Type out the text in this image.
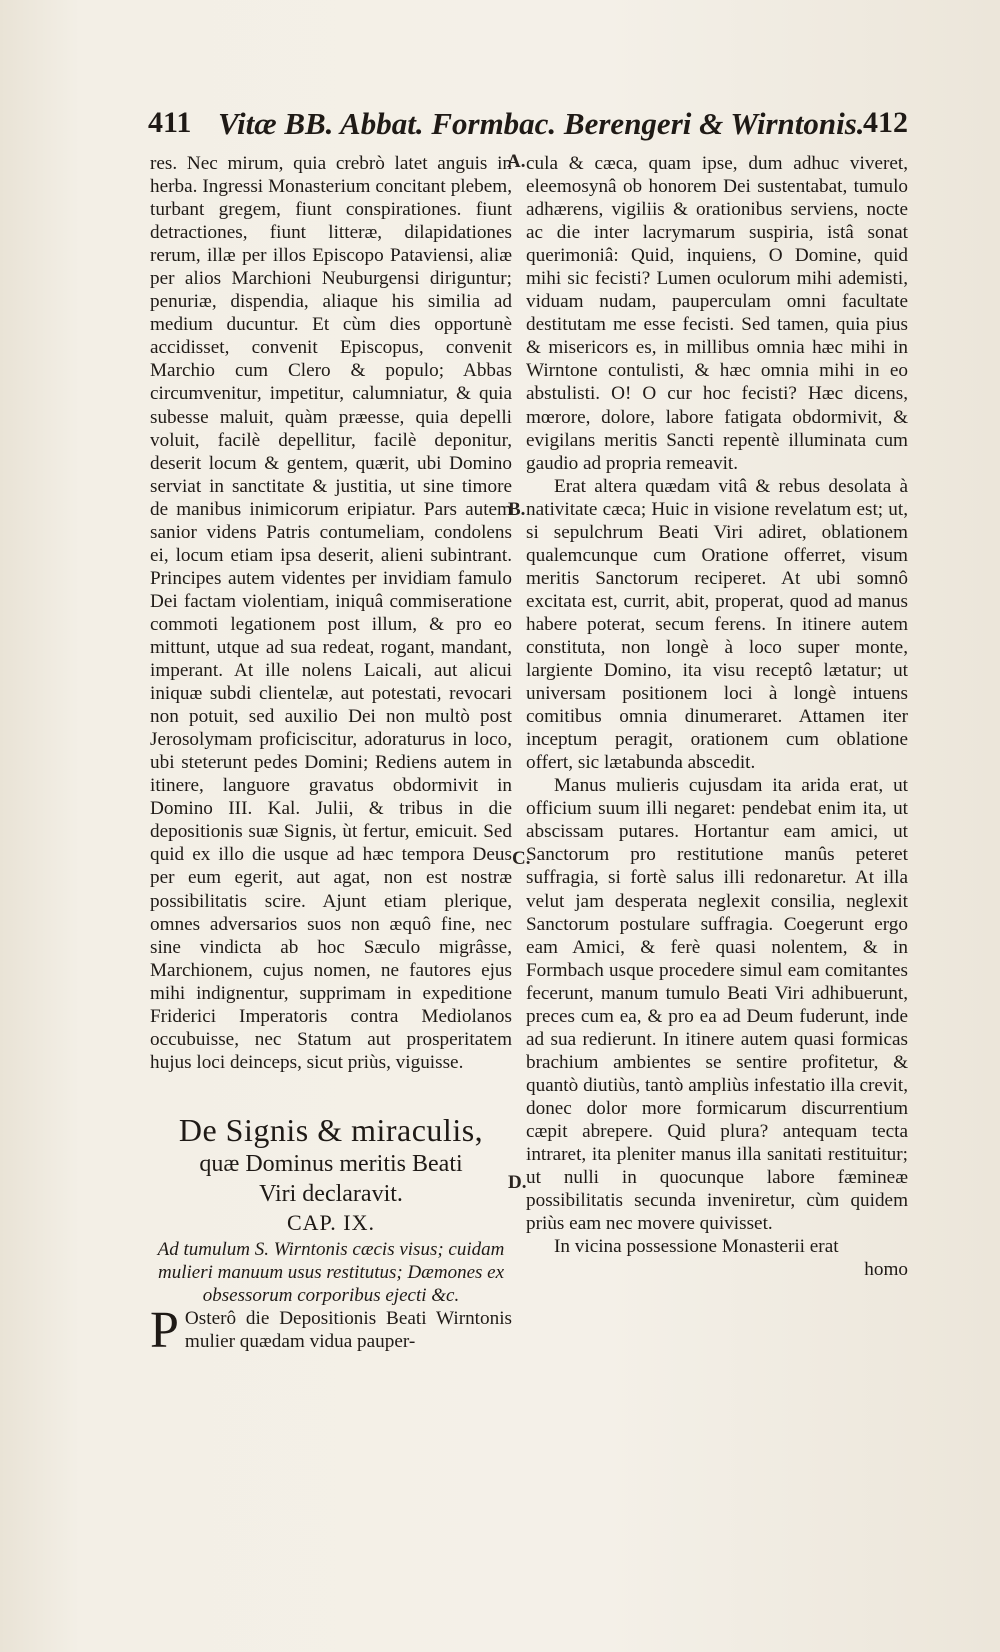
411 Vitæ BB. Abbat. Formbac. Berengeri & Wirntonis.
412
A.
B.
C.
D.

res. Nec mirum, quia crebrò latet anguis in herba. Ingressi Monasterium concitant plebem, turbant gregem, fiunt conspirationes. fiunt detractiones, fiunt litteræ, dilapidationes rerum, illæ per illos Episcopo Pataviensi, aliæ per alios Marchioni Neuburgensi diriguntur; penuriæ, dispendia, aliaque his similia ad medium ducuntur. Et cùm dies opportunè accidisset, convenit Episcopus, convenit Marchio cum Clero & populo; Abbas circumvenitur, impetitur, calumniatur, & quia subesse maluit, quàm præesse, quia depelli voluit, facilè depellitur, facilè deponitur, deserit locum & gentem, quærit, ubi Domino serviat in sanctitate & justitia, ut sine timore de manibus inimicorum eripiatur. Pars autem sanior videns Patris contumeliam, condolens ei, locum etiam ipsa deserit, alieni subintrant. Principes autem videntes per invidiam famulo Dei factam violentiam, iniquâ commiseratione commoti legationem post illum, & pro eo mittunt, utque ad sua redeat, rogant, mandant, imperant. At ille nolens Laicali, aut alicui iniquæ subdi clientelæ, aut potestati, revocari non potuit, sed auxilio Dei non multò post Jerosolymam proficiscitur, adoraturus in loco, ubi steterunt pedes Domini; Rediens autem in itinere, languore gravatus obdormivit in Domino III. Kal. Julii, & tribus in die depositionis suæ Signis, ùt fertur, emicuit. Sed quid ex illo die usque ad hæc tempora Deus per eum egerit, aut agat, non est nostræ possibilitatis scire. Ajunt etiam plerique, omnes adversarios suos non æquô fine, nec sine vindicta ab hoc Sæculo migrâsse, Marchionem, cujus nomen, ne fautores ejus mihi indignentur, supprimam in expeditione Friderici Imperatoris contra Mediolanos occubuisse, nec Statum aut prosperitatem hujus loci deinceps, sicut priùs, viguisse.

De Signis & miraculis,
quæ Dominus meritis Beati
Viri declaravit.
CAP. IX.
Ad tumulum S. Wirntonis cæcis visus; cuidam mulieri manuum usus restitutus; Dæmones ex obsessorum corporibus ejecti &c.

P Osterô die Depositionis Beati Wirntonis mulier quædam vidua pauper-

cula & cæca, quam ipse, dum adhuc viveret, eleemosynâ ob honorem Dei sustentabat, tumulo adhærens, vigiliis & orationibus serviens, nocte ac die inter lacrymarum suspiria, istâ sonat querimoniâ: Quid, inquiens, O Domine, quid mihi sic fecisti? Lumen oculorum mihi ademisti, viduam nudam, pauperculam omni facultate destitutam me esse fecisti. Sed tamen, quia pius & misericors es, in millibus omnia hæc mihi in Wirntone contulisti, & hæc omnia mihi in eo abstulisti. O! O cur hoc fecisti? Hæc dicens, mœrore, dolore, labore fatigata obdormivit, & evigilans meritis Sancti repentè illuminata cum gaudio ad propria remeavit.

Erat altera quædam vitâ & rebus desolata à nativitate cæca; Huic in visione revelatum est; ut, si sepulchrum Beati Viri adiret, oblationem qualemcunque cum Oratione offerret, visum meritis Sanctorum reciperet. At ubi somnô excitata est, currit, abit, properat, quod ad manus habere poterat, secum ferens. In itinere autem constituta, non longè à loco super monte, largiente Domino, ita visu receptô lætatur; ut universam positionem loci à longè intuens comitibus omnia dinumeraret. Attamen iter inceptum peragit, orationem cum oblatione offert, sic lætabunda abscedit.

Manus mulieris cujusdam ita arida erat, ut officium suum illi negaret: pendebat enim ita, ut abscissam putares. Hortantur eam amici, ut Sanctorum pro restitutione manûs peteret suffragia, si fortè salus illi redonaretur. At illa velut jam desperata neglexit consilia, neglexit Sanctorum postulare suffragia. Coegerunt ergo eam Amici, & ferè quasi nolentem, & in Formbach usque procedere simul eam comitantes fecerunt, manum tumulo Beati Viri adhibuerunt, preces cum ea, & pro ea ad Deum fuderunt, inde ad sua redierunt. In itinere autem quasi formicas brachium ambientes se sentire profitetur, & quantò diutiùs, tantò ampliùs infestatio illa crevit, donec dolor more formicarum discurrentium cæpit abrepere. Quid plura? antequam tecta intraret, ita pleniter manus illa sanitati restituitur; ut nulli in quocunque labore fæmineæ possibilitatis secunda inveniretur, cùm quidem priùs eam nec movere quivisset.

In vicina possessione Monasterii erat

homo
